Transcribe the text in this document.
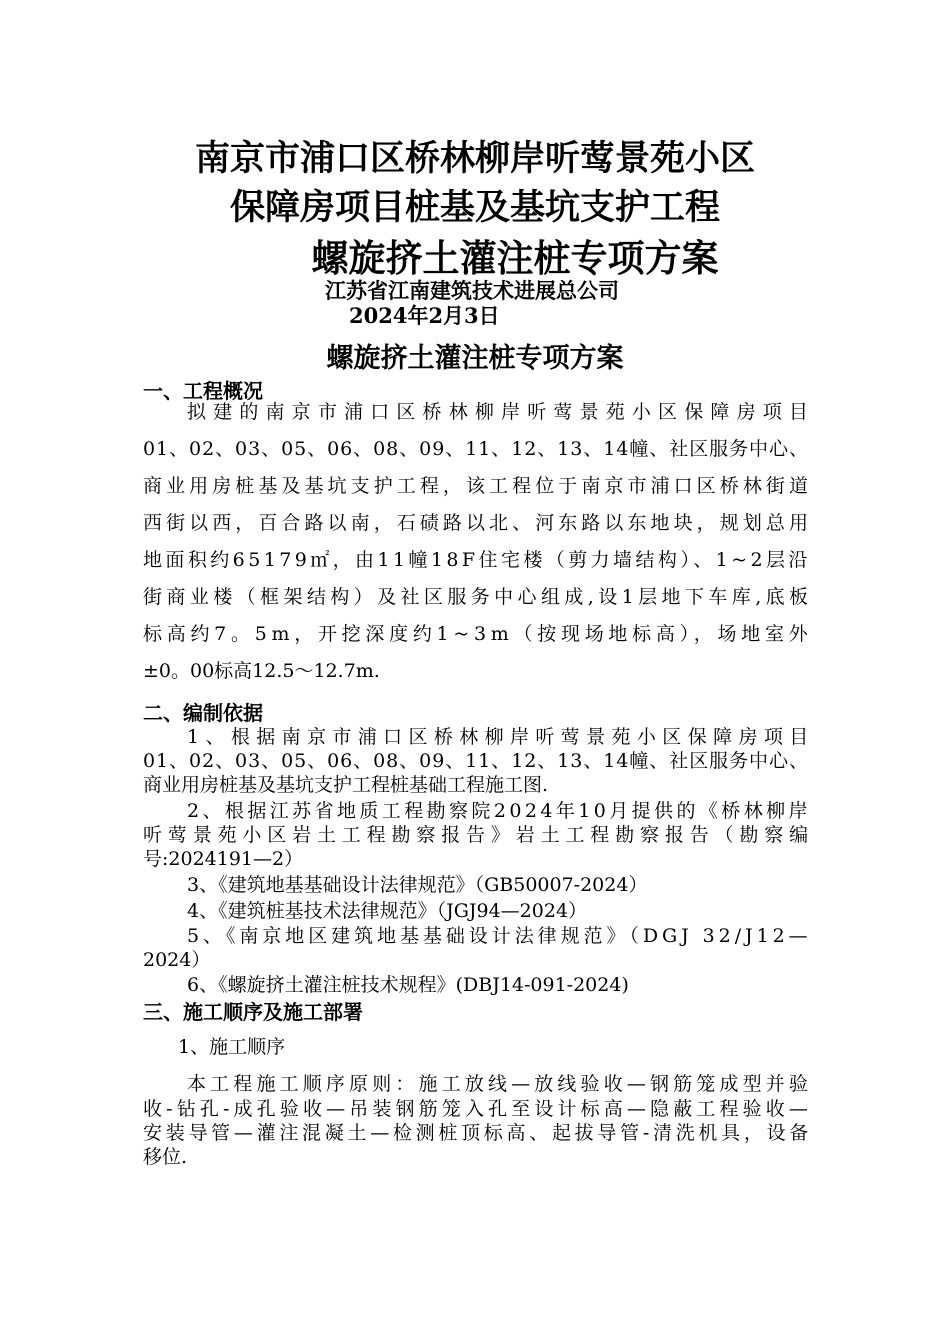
南京市浦口区桥林柳岸听莺景苑小区
保障房项目桩基及基坑支护工程
螺旋挤土灌注桩专项方案
江苏省江南建筑技术进展总公司
2024年2月3日
螺旋挤土灌注桩专项方案
一、工程概况
拟建的南京市浦口区桥林柳岸听莺景苑小区保障房项目
01、02、03、05、06、08、09、11、12、13、14幢、社区服务中心、
商业用房桩基及基坑支护工程，该工程位于南京市浦口区桥林街道
西街以西，百合路以南，石碛路以北、河东路以东地块，规划总用
地面积约65179㎡，由11幢18F住宅楼（剪力墙结构）、1~2层沿
街商业楼（框架结构）及社区服务中心组成,设1层地下车库,底板
标高约7。5m，开挖深度约1~3m（按现场地标高），场地室外
±0。00标高12.5～12.7m.
二、编制依据
1、根据南京市浦口区桥林柳岸听莺景苑小区保障房项目
01、02、03、05、06、08、09、11、12、13、14幢、社区服务中心、
商业用房桩基及基坑支护工程桩基础工程施工图.
2、根据江苏省地质工程勘察院2024年10月提供的《桥林柳岸
听莺景苑小区岩土工程勘察报告》岩土工程勘察报告（勘察编
号:2024191—2）
3、《建筑地基基础设计法律规范》（GB50007-2024）
4、《建筑桩基技术法律规范》（JGJ94—2024）
5、《南京地区建筑地基基础设计法律规范》（DGJ 32/J12—
2024）
6、《螺旋挤土灌注桩技术规程》(DBJ14-091-2024)
三、施工顺序及施工部署
1、施工顺序
本工程施工顺序原则：施工放线—放线验收—钢筋笼成型并验
收-钻孔-成孔验收—吊装钢筋笼入孔至设计标高—隐蔽工程验收—
安装导管—灌注混凝土—检测桩顶标高、起拔导管-清洗机具，设备
移位.
